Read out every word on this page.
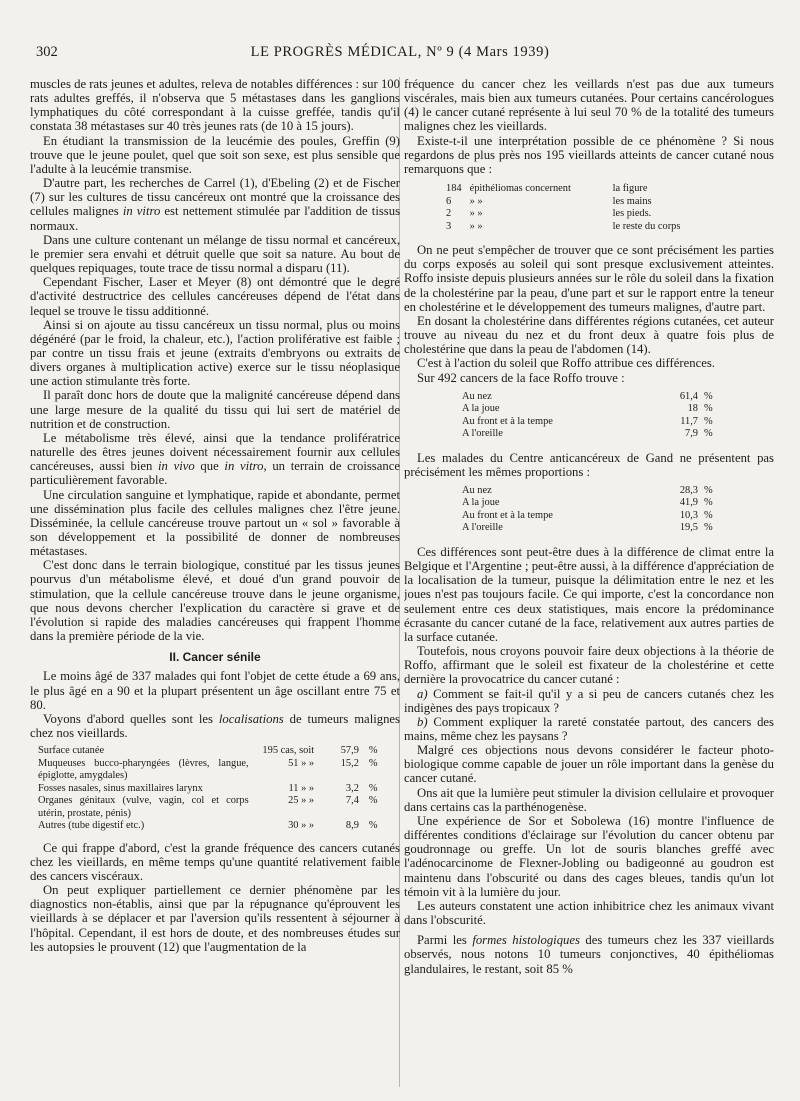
302	LE PROGRÈS MÉDICAL, Nº 9 (4 Mars 1939)

muscles de rats jeunes et adultes, releva de notables différences : sur 100 rats adultes greffés, il n'observa que 5 métastases dans les ganglions lymphatiques du côté correspondant à la cuisse greffée, tandis qu'il constata 38 métastases sur 40 très jeunes rats (de 10 à 15 jours).

En étudiant la transmission de la leucémie des poules, Greffin (9) trouve que le jeune poulet, quel que soit son sexe, est plus sensible que l'adulte à la leucémie transmise.

D'autre part, les recherches de Carrel (1), d'Ebeling (2) et de Fischer (7) sur les cultures de tissu cancéreux ont montré que la croissance des cellules malignes in vitro est nettement stimulée par l'addition de tissus normaux.

Dans une culture contenant un mélange de tissu normal et cancéreux, le premier sera envahi et détruit quelle que soit sa nature. Au bout de quelques repiquages, toute trace de tissu normal a disparu (11).

Cependant Fischer, Laser et Meyer (8) ont démontré que le degré d'activité destructrice des cellules cancéreuses dépend de l'état dans lequel se trouve le tissu additionné.

Ainsi si on ajoute au tissu cancéreux un tissu normal, plus ou moins dégénéré (par le froid, la chaleur, etc.), l'action proliférative est faible ; par contre un tissu frais et jeune (extraits d'embryons ou extraits de divers organes à multiplication active) exerce sur le tissu néoplasique une action stimulante très forte.

Il paraît donc hors de doute que la malignité cancéreuse dépend dans une large mesure de la qualité du tissu qui lui sert de matériel de nutrition et de construction.

Le métabolisme très élevé, ainsi que la tendance prolifératrice naturelle des êtres jeunes doivent nécessairement fournir aux cellules cancéreuses, aussi bien in vivo que in vitro, un terrain de croissance particulièrement favorable.

Une circulation sanguine et lymphatique, rapide et abondante, permet une dissémination plus facile des cellules malignes chez l'être jeune. Disséminée, la cellule cancéreuse trouve partout un « sol » favorable à son développement et la possibilité de donner de nombreuses métastases.

C'est donc dans le terrain biologique, constitué par les tissus jeunes pourvus d'un métabolisme élevé, et doué d'un grand pouvoir de stimulation, que la cellule cancéreuse trouve dans le jeune organisme, que nous devons chercher l'explication du caractère si grave et de l'évolution si rapide des maladies cancéreuses qui frappent l'homme dans la première période de la vie.

II. Cancer sénile

Le moins âgé de 337 malades qui font l'objet de cette étude a 69 ans, le plus âgé en a 90 et la plupart présentent un âge oscillant entre 75 et 80.

Voyons d'abord quelles sont les localisations de tumeurs malignes chez nos vieillards.

Surface cutanée	195 cas, soit	57,9	%
Muqueuses bucco-pharyngées (lèvres, langue, épiglotte, amygdales)	51 » »	15,2	%
Fosses nasales, sinus maxillaires larynx	11 » »	3,2	%
Organes génitaux (vulve, vagin, col et corps utérin, prostate, pénis)	25 » »	7,4	%
Autres (tube digestif etc.)	30 » »	8,9	%

Ce qui frappe d'abord, c'est la grande fréquence des cancers cutanés chez les vieillards, en même temps qu'une quantité relativement faible des cancers viscéraux.

On peut expliquer partiellement ce dernier phénomène par les diagnostics non-établis, ainsi que par la répugnance qu'éprouvent les vieillards à se déplacer et par l'aversion qu'ils ressentent à séjourner à l'hôpital. Cependant, il est hors de doute, et des nombreuses études sur les autopsies le prouvent (12) que l'augmentation de la

fréquence du cancer chez les veillards n'est pas due aux tumeurs viscérales, mais bien aux tumeurs cutanées. Pour certains cancérologues (4) le cancer cutané représente à lui seul 70 % de la totalité des tumeurs malignes chez les vieillards.

Existe-t-il une interprétation possible de ce phénomène ? Si nous regardons de plus près nos 195 vieillards atteints de cancer cutané nous remarquons que :

184	épithéliomas concernent	la figure
6	» »	les mains
2	» »	les pieds.
3	» »	le reste du corps

On ne peut s'empêcher de trouver que ce sont précisément les parties du corps exposés au soleil qui sont presque exclusivement atteintes. Roffo insiste depuis plusieurs années sur le rôle du soleil dans la fixation de la cholestérine par la peau, d'une part et sur le rapport entre la teneur en cholestérine et le développement des tumeurs malignes, d'autre part.

En dosant la cholestérine dans différentes régions cutanées, cet auteur trouve au niveau du nez et du front deux à quatre fois plus de cholestérine que dans la peau de l'abdomen (14).

C'est à l'action du soleil que Roffo attribue ces différences.

Sur 492 cancers de la face Roffo trouve :

Au nez	61,4	%
A la joue	18	%
Au front et à la tempe	11,7	%
A l'oreille	7,9	%

Les malades du Centre anticancéreux de Gand ne présentent pas précisément les mêmes proportions :

Au nez	28,3	%
A la joue	41,9	%
Au front et à la tempe	10,3	%
A l'oreille	19,5	%

Ces différences sont peut-être dues à la différence de climat entre la Belgique et l'Argentine ; peut-être aussi, à la différence d'appréciation de la localisation de la tumeur, puisque la délimitation entre le nez et les joues n'est pas toujours facile. Ce qui importe, c'est la concordance non seulement entre ces deux statistiques, mais encore la prédominance écrasante du cancer cutané de la face, relativement aux autres parties de la surface cutanée.

Toutefois, nous croyons pouvoir faire deux objections à la théorie de Roffo, affirmant que le soleil est fixateur de la cholestérine et cette dernière la provocatrice du cancer cutané :

a) Comment se fait-il qu'il y a si peu de cancers cutanés chez les indigènes des pays tropicaux ?

b) Comment expliquer la rareté constatée partout, des cancers des mains, même chez les paysans ?

Malgré ces objections nous devons considérer le facteur photo-biologique comme capable de jouer un rôle important dans la genèse du cancer cutané.

Ons ait que la lumière peut stimuler la division cellulaire et provoquer dans certains cas la parthénogenèse.

Une expérience de Sor et Sobolewa (16) montre l'influence de différentes conditions d'éclairage sur l'évolution du cancer obtenu par goudronnage ou greffe. Un lot de souris blanches greffé avec l'adénocarcinome de Flexner-Jobling ou badigeonné au goudron est maintenu dans l'obscurité ou dans des cages bleues, tandis qu'un lot témoin vit à la lumière du jour.

Les auteurs constatent une action inhibitrice chez les animaux vivant dans l'obscurité.

Parmi les formes histologiques des tumeurs chez les 337 vieillards observés, nous notons 10 tumeurs conjonctives, 40 épithéliomas glandulaires, le restant, soit 85 %
